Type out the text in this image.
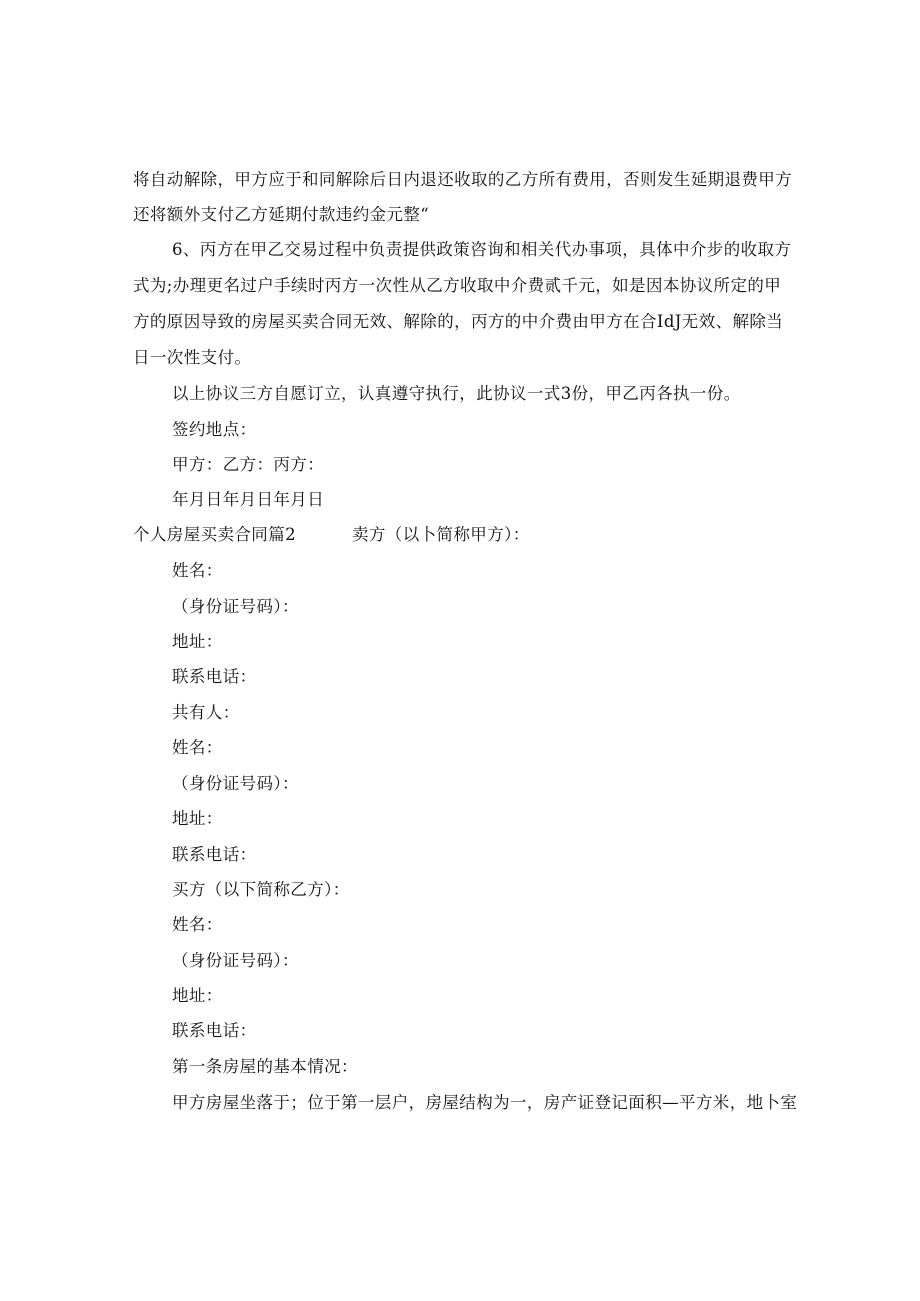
将自动解除，甲方应于和同解除后日内退还收取的乙方所有费用，否则发生延期退费甲方
还将额外支付乙方延期付款违约金元整“
6、丙方在甲乙交易过程中负责提供政策咨询和相关代办事项，具体中介步的收取方
式为;办理更名过户手续时丙方一次性从乙方收取中介费贰千元，如是因本协议所定的甲
方的原因导致的房屋买卖合同无效、解除的，丙方的中介费由甲方在合IdJ无效、解除当
日一次性支付。
以上协议三方自愿订立，认真遵守执行，此协议一式3份，甲乙丙各执一份。
签约地点：
甲方：乙方：丙方：
年月日年月日年月日
个人房屋买卖合同篇2	卖方（以卜简称甲方）：
姓名：
（身份证号码）：
地址：
联系电话：
共有人：
姓名：
（身份证号码）：
地址：
联系电话：
买方（以下简称乙方）：
姓名：
（身份证号码）：
地址：
联系电话：
第一条房屋的基本情况：
甲方房屋坐落于；位于第一层户，房屋结构为一，房产证登记面积—平方米，地卜室
